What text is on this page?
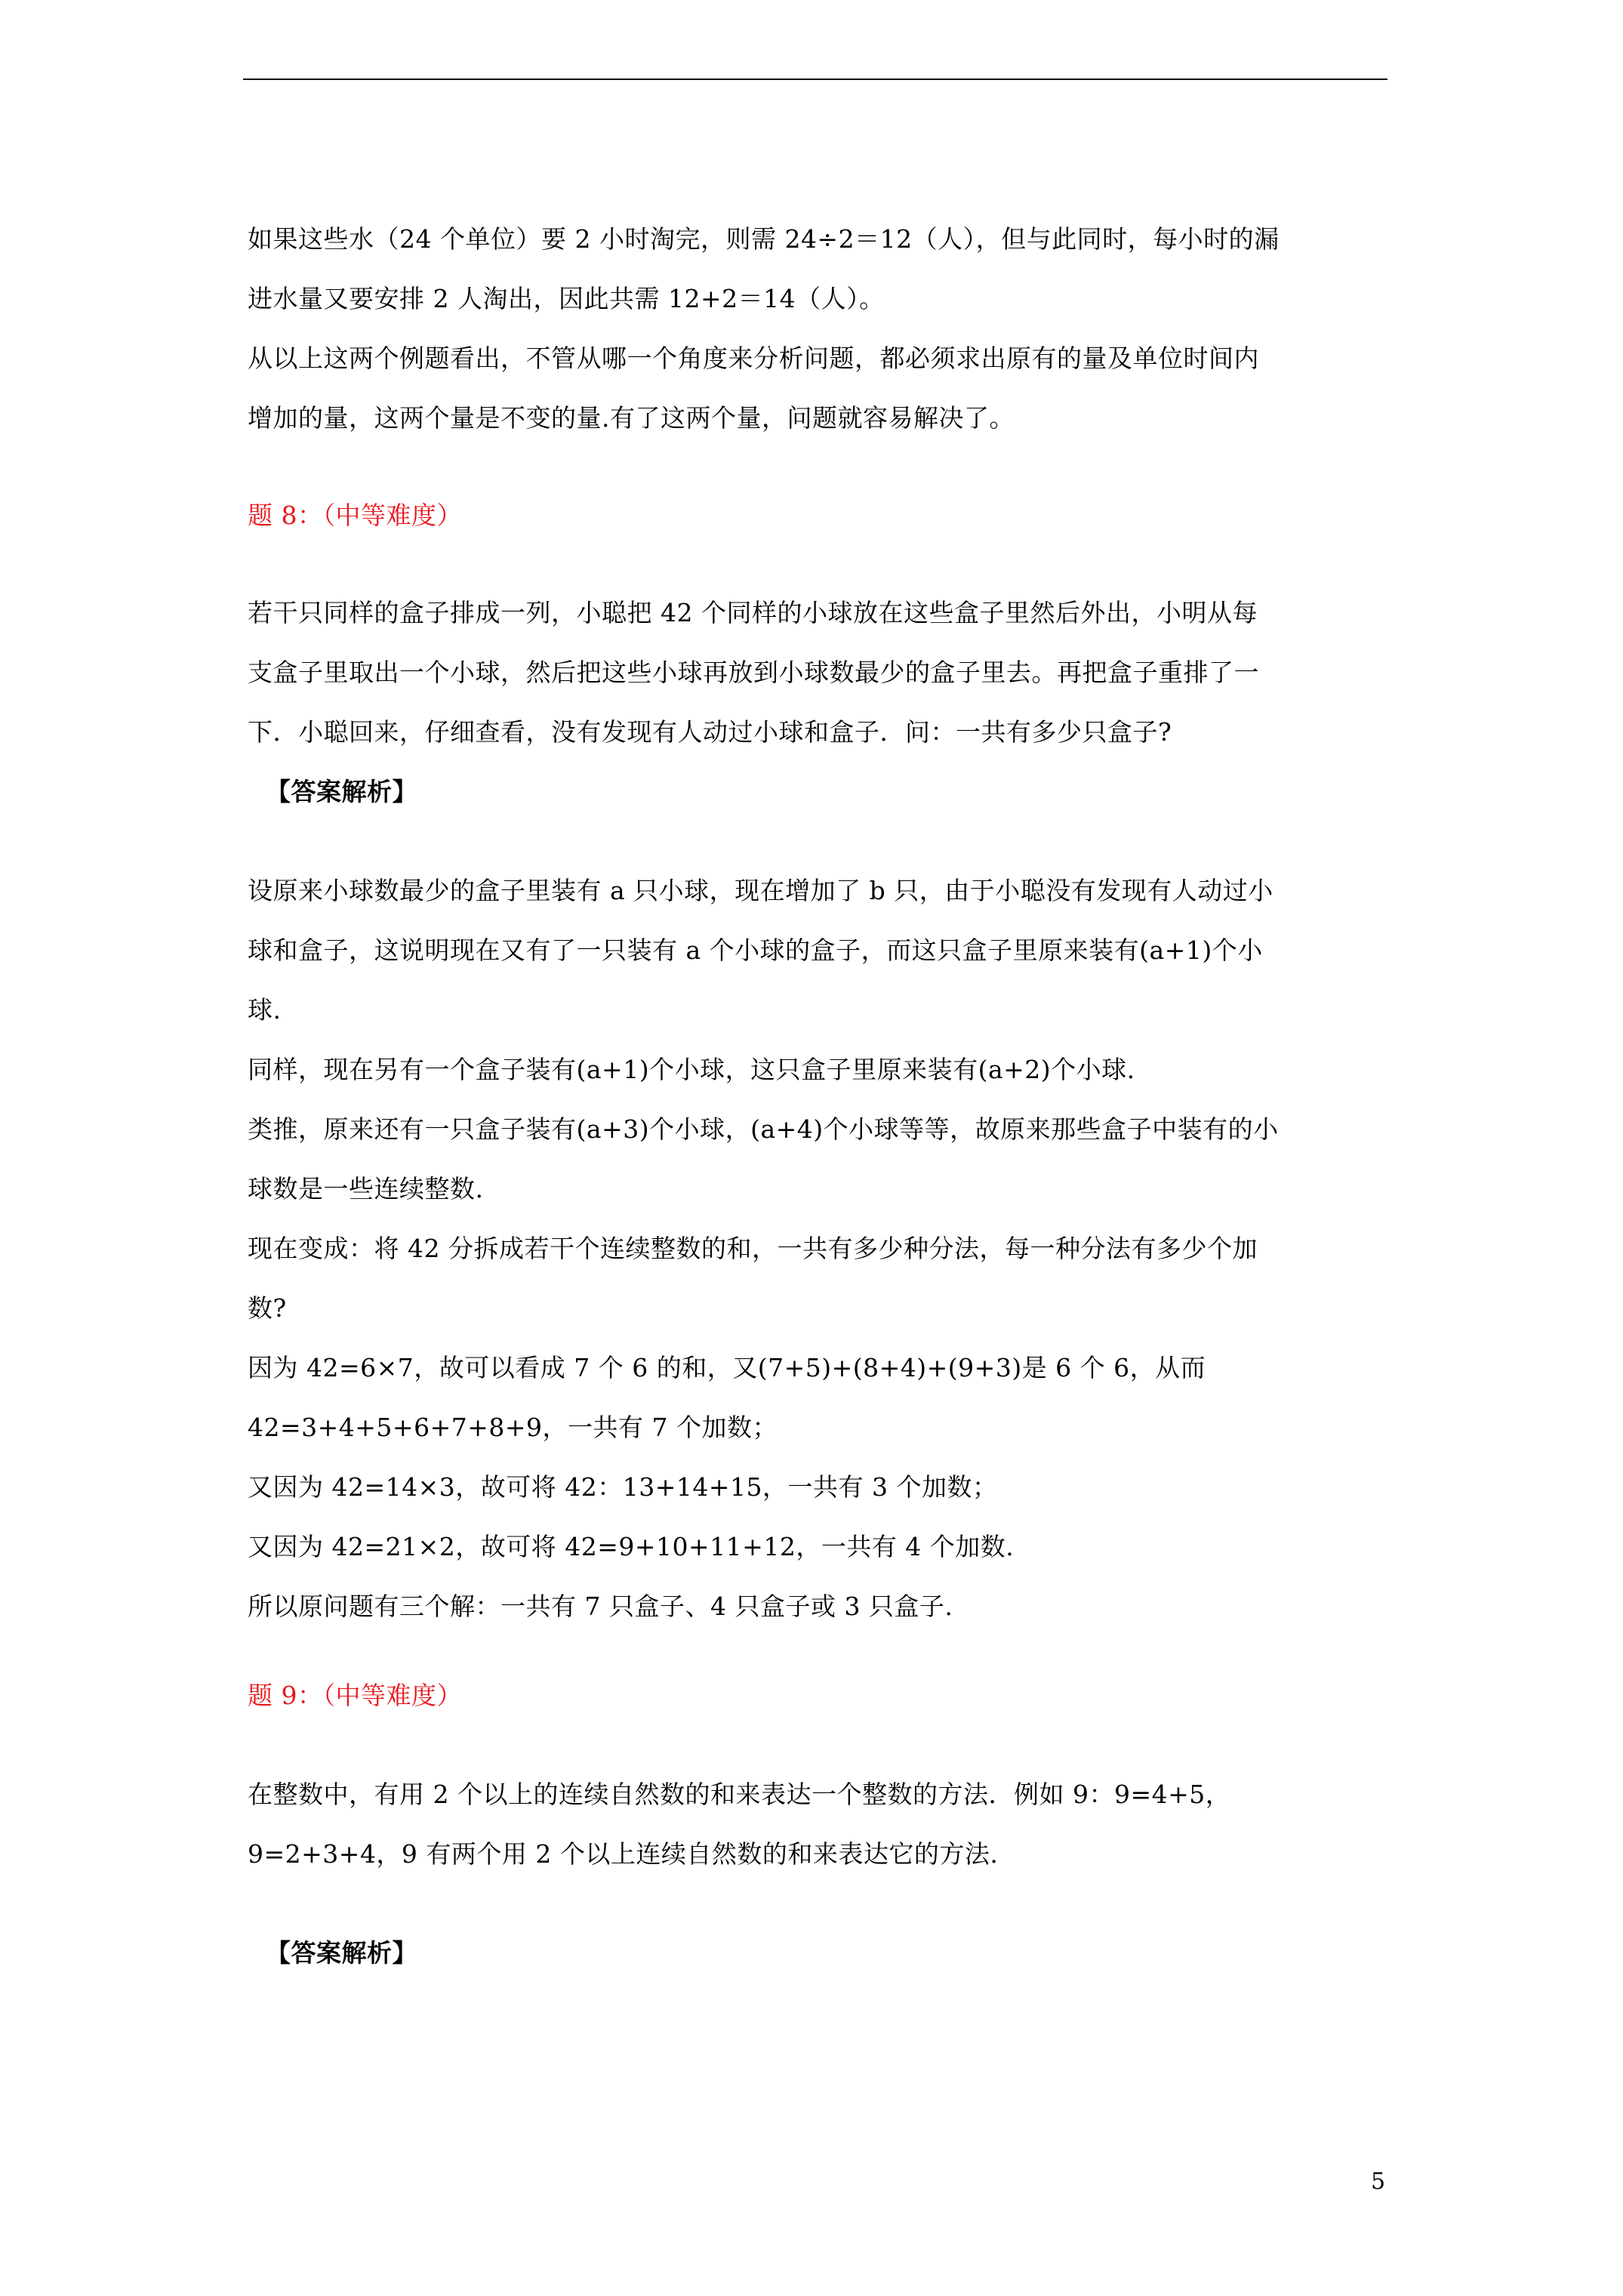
如果这些水（24 个单位）要 2 小时淘完，则需 24÷2＝12（人），但与此同时，每小时的漏
进水量又要安排 2 人淘出，因此共需 12+2＝14（人）。
从以上这两个例题看出，不管从哪一个角度来分析问题，都必须求出原有的量及单位时间内
增加的量，这两个量是不变的量.有了这两个量，问题就容易解决了。
题 8：（中等难度）
若干只同样的盒子排成一列，小聪把 42 个同样的小球放在这些盒子里然后外出，小明从每
支盒子里取出一个小球，然后把这些小球再放到小球数最少的盒子里去。再把盒子重排了一
下．小聪回来，仔细查看，没有发现有人动过小球和盒子．问：一共有多少只盒子?
【答案解析】
设原来小球数最少的盒子里装有 a 只小球，现在增加了 b 只，由于小聪没有发现有人动过小
球和盒子，这说明现在又有了一只装有 a 个小球的盒子，而这只盒子里原来装有(a+1)个小
球.
同样，现在另有一个盒子装有(a+1)个小球，这只盒子里原来装有(a+2)个小球.
类推，原来还有一只盒子装有(a+3)个小球，(a+4)个小球等等，故原来那些盒子中装有的小
球数是一些连续整数.
现在变成：将 42 分拆成若干个连续整数的和，一共有多少种分法，每一种分法有多少个加
数?
因为 42=6×7，故可以看成 7 个 6 的和，又(7+5)+(8+4)+(9+3)是 6 个 6，从而
42=3+4+5+6+7+8+9，一共有 7 个加数；
又因为 42=14×3，故可将 42：13+14+15，一共有 3 个加数；
又因为 42=21×2，故可将 42=9+10+11+12，一共有 4 个加数.
所以原问题有三个解：一共有 7 只盒子、4 只盒子或 3 只盒子.
题 9：（中等难度）
在整数中，有用 2 个以上的连续自然数的和来表达一个整数的方法．例如 9：9=4+5，
9=2+3+4，9 有两个用 2 个以上连续自然数的和来表达它的方法.
【答案解析】
5
